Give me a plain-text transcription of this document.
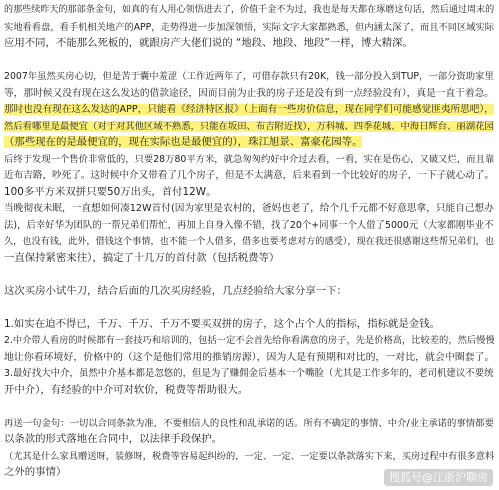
的那些续昨天的那部条金句，如真的有人用心领悟进去了，价值千金不为过，我也是每天都在琢磨这句话，然后通过周末的
实地看看盘，看手机相关地产的APP，走势得进一步加深领悟，实际文字大家都熟悉，但内涵太深了，而且不同区域实际
应用不同，不能那么死板的，就跟房产大佬们说的 “地段、地段、地段”一样，博大精深。
2007年虽然买房心切，但是苦于囊中羞涩（工作近两年了，可借存款只有20K，钱一部分投入到TUP，一部分资助家里
等，那时候又没有现在这么发达的借款途径，因而目前为止我的房子还是没有到一点经验没有），真是一直干着急。
那时也没有现在这么发达的APP，只能看《经济特区报》（上面有一些房价信息，现在同学们可能感觉匪夷所思吧），
然后看哪里是最便宜（对于对其他区域不熟悉，只能在坂田、布吉附近找），万科城、四季花城、中海日辉台、丽湖花园
（那些现在的是最便宜的，现在实际也是最便宜的），珠江旭景、富豪花园等。
后终于发现一个售价非常低的，只要28万80平方米，就急匆匆约好中介过去看，一看，实在是伤心，又破又烂，而且靠
近布吉路，吵死了。这时候中介又带看了几个房子，但是不太满意，后来看到一个比较好的房子，一下子就心动了。
100多平方米双拼只要50万出头，首付12W。
当晚彻夜未眠，一直想如何凑12W首付(因为家里是农村的，爸妈也老了，给个几千元都不好意思拿，只能自己想办
法)，后幸好华为团队的一帮兄弟们帮忙，再加上自身入像不错，找了20个+同事一个人借了5000元（大家都刚毕业不
久，也没有钱，此外，借钱这个事情，也不能一个人借多，借多也要考虑对方的感受），现在我还很感谢这些帮兄弟们，也
一直保持紧密来往），搞定了十几万的首付款（包括税费等）
这次买房小试牛刀，结合后面的几次买房经验，几点经验给大家分享一下：
1.如实在迫不得已，千万、千万、千万不要买双拼的房子，这个占个人的指标，指标就是金钱。
2.中介带人看房的时候都有一套技巧和培训的，包括一定不会首先给你看满意的房子，先是价格高，比较差的，然后慢慢
地让你看环境好，价格中的（这个是他们常用的推销房源），因为人是有预期和对比的，一对比，就会中圈套了。
3.最好找大中介，虽然中介基本都是忽悠的，但是为了赚佣金后基本一个嘴脸（尤其是工作多年的，老司机建议不要统
开中介），有经验的中介可对软价，税费等帮助很大。
再送一句金句：一切以合同条款为准，不要相信人的良性和乱承诺的话。所有不确定的事情、中介/业主承诺的事情都要
以条款的形式落地在合同中，以法律手段保护。
（尤其是什么家具赠送呀，装修呀，税费等容易起纠纷的，一定、一定、一定要以条款落实下来，买房过程中有很多意料
之外的事情）	搜狐号@江浙沪聊房
